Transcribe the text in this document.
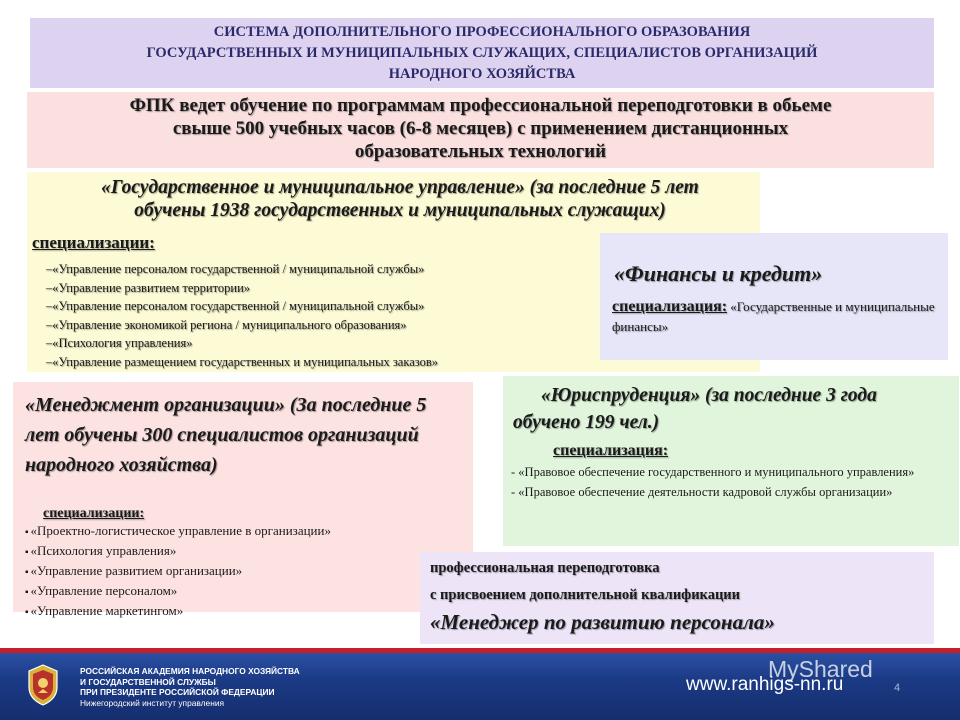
СИСТЕМА ДОПОЛНИТЕЛЬНОГО ПРОФЕССИОНАЛЬНОГО ОБРАЗОВАНИЯ
ГОСУДАРСТВЕННЫХ И МУНИЦИПАЛЬНЫХ СЛУЖАЩИХ, СПЕЦИАЛИСТОВ ОРГАНИЗАЦИЙ
НАРОДНОГО ХОЗЯЙСТВА
ФПК ведет обучение по программам профессиональной переподготовки в обьеме
свыше 500 учебных часов (6-8 месяцев) с применением дистанционных
образовательных технологий
«Государственное и муниципальное управление» (за последние 5 лет
обучены 1938 государственных и муниципальных служащих)
специализации:
–«Управление персоналом государственной / муниципальной службы»
–«Управление развитием территории»
–«Управление персоналом государственной / муниципальной службы»
–«Управление экономикой региона / муниципального образования»
–«Психология управления»
–«Управление размещением государственных и муниципальных заказов»
«Финансы и кредит»
специализация: «Государственные и муниципальные финансы»
«Менеджмент организации» (За последние 5 лет обучены 300 специалистов организаций народного хозяйства)
специализации:
▪ «Проектно-логистическое управление в организации»
▪ «Психология управления»
▪ «Управление развитием организации»
▪ «Управление персоналом»
▪ «Управление маркетингом»
«Юриспруденция» (за последние 3 года
обучено 199 чел.)
специализация:
- «Правовое обеспечение государственного и муниципального управления»
- «Правовое обеспечение деятельности кадровой службы организации»
профессиональная переподготовка
с присвоением дополнительной квалификации
«Менеджер по развитию персонала»
РОССИЙСКАЯ АКАДЕМИЯ НАРОДНОГО ХОЗЯЙСТВА
И ГОСУДАРСТВЕННОЙ СЛУЖБЫ
ПРИ ПРЕЗИДЕНТЕ РОССИЙСКОЙ ФЕДЕРАЦИИ
Нижегородский институт управления
MyShared
www.ranhigs-nn.ru	4
